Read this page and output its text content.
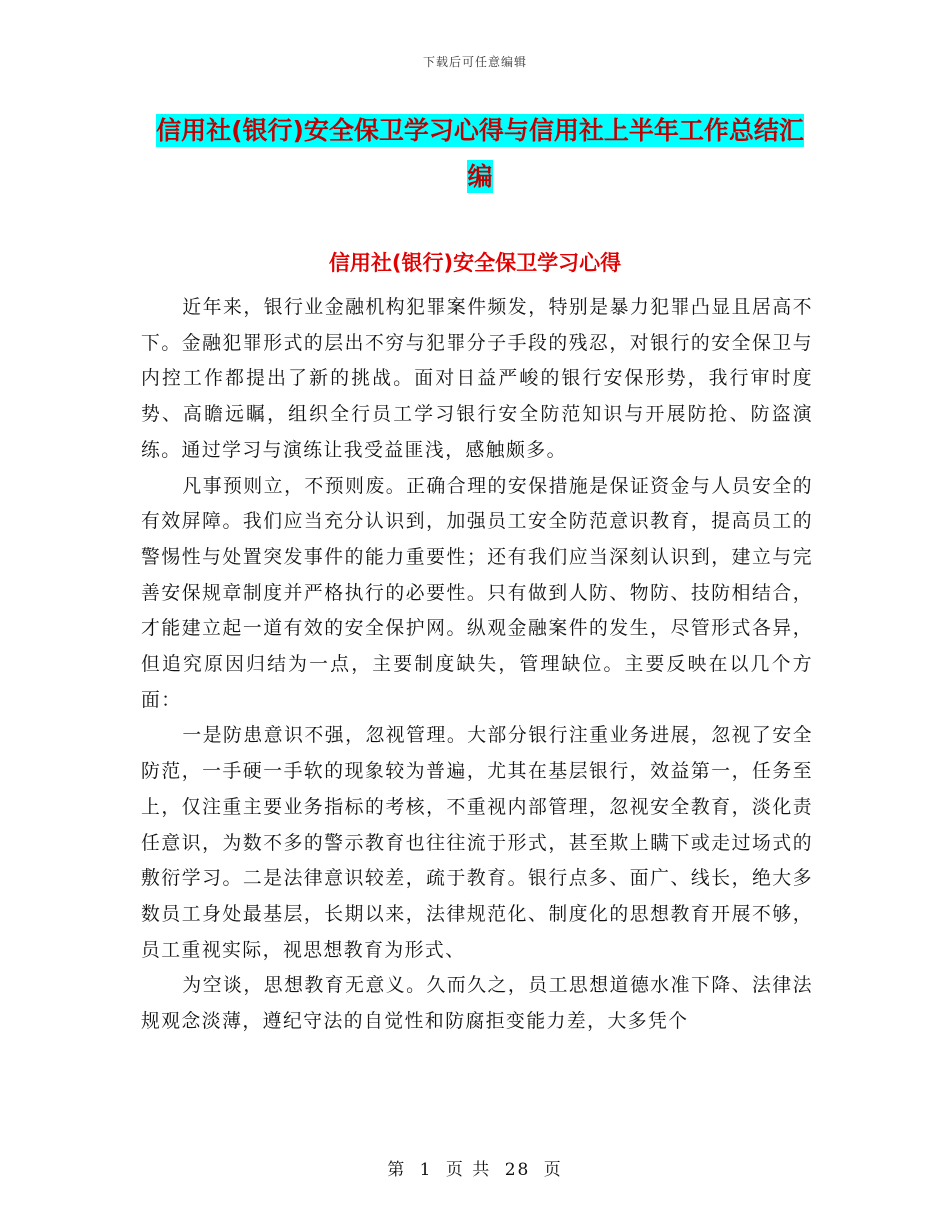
下载后可任意编辑
信用社(银行)安全保卫学习心得与信用社上半年工作总结汇编
信用社(银行)安全保卫学习心得

近年来，银行业金融机构犯罪案件频发，特别是暴力犯罪凸显且居高不下。金融犯罪形式的层出不穷与犯罪分子手段的残忍，对银行的安全保卫与内控工作都提出了新的挑战。面对日益严峻的银行安保形势，我行审时度势、高瞻远瞩，组织全行员工学习银行安全防范知识与开展防抢、防盗演练。通过学习与演练让我受益匪浅，感触颇多。

凡事预则立，不预则废。正确合理的安保措施是保证资金与人员安全的有效屏障。我们应当充分认识到，加强员工安全防范意识教育，提高员工的警惕性与处置突发事件的能力重要性；还有我们应当深刻认识到，建立与完善安保规章制度并严格执行的必要性。只有做到人防、物防、技防相结合，才能建立起一道有效的安全保护网。纵观金融案件的发生，尽管形式各异，但追究原因归结为一点，主要制度缺失，管理缺位。主要反映在以几个方面：

一是防患意识不强，忽视管理。大部分银行注重业务进展，忽视了安全防范，一手硬一手软的现象较为普遍，尤其在基层银行，效益第一，任务至上，仅注重主要业务指标的考核，不重视内部管理，忽视安全教育，淡化责任意识，为数不多的警示教育也往往流于形式，甚至欺上瞒下或走过场式的敷衍学习。二是法律意识较差，疏于教育。银行点多、面广、线长，绝大多数员工身处最基层，长期以来，法律规范化、制度化的思想教育开展不够，员工重视实际，视思想教育为形式、

为空谈，思想教育无意义。久而久之，员工思想道德水准下降、法律法规观念淡薄，遵纪守法的自觉性和防腐拒变能力差，大多凭个

第 1 页 共 28 页
